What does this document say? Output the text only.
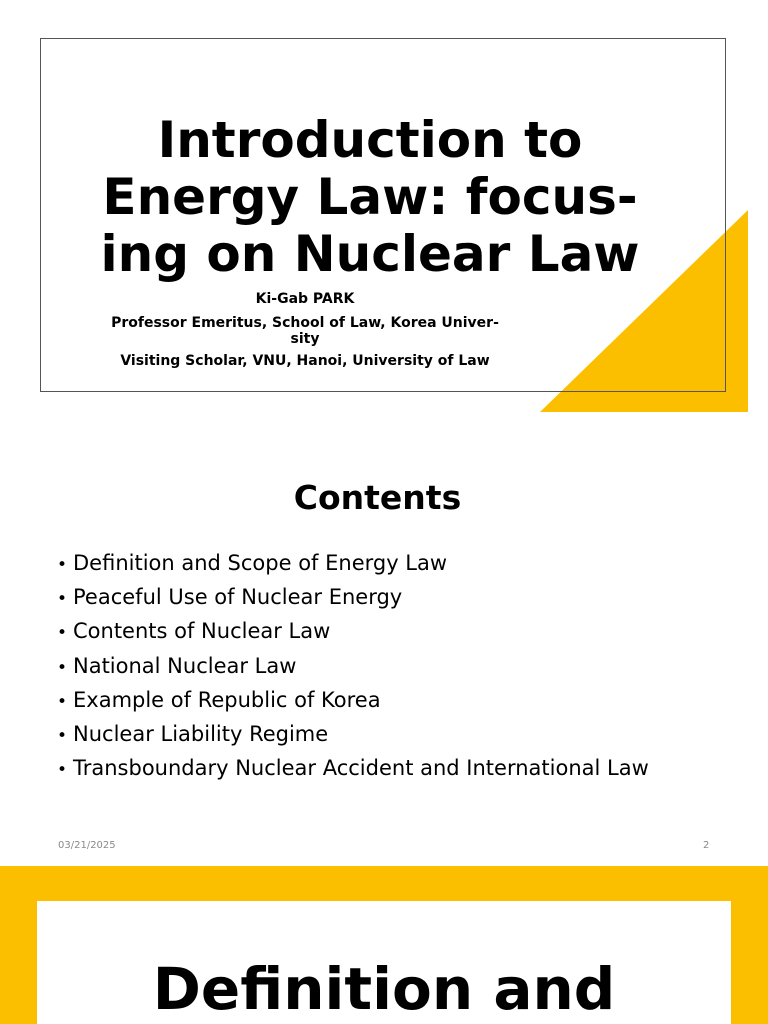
Introduction to
Energy Law: focus-
ing on Nuclear Law
Ki-Gab PARK
Professor Emeritus, School of Law, Korea Univer-
sity
Visiting Scholar, VNU, Hanoi, University of Law
Contents
• Definition and Scope of Energy Law
• Peaceful Use of Nuclear Energy
• Contents of Nuclear Law
• National Nuclear Law
• Example of Republic of Korea
• Nuclear Liability Regime
• Transboundary Nuclear Accident and International Law
03/21/2025	2
Definition and
